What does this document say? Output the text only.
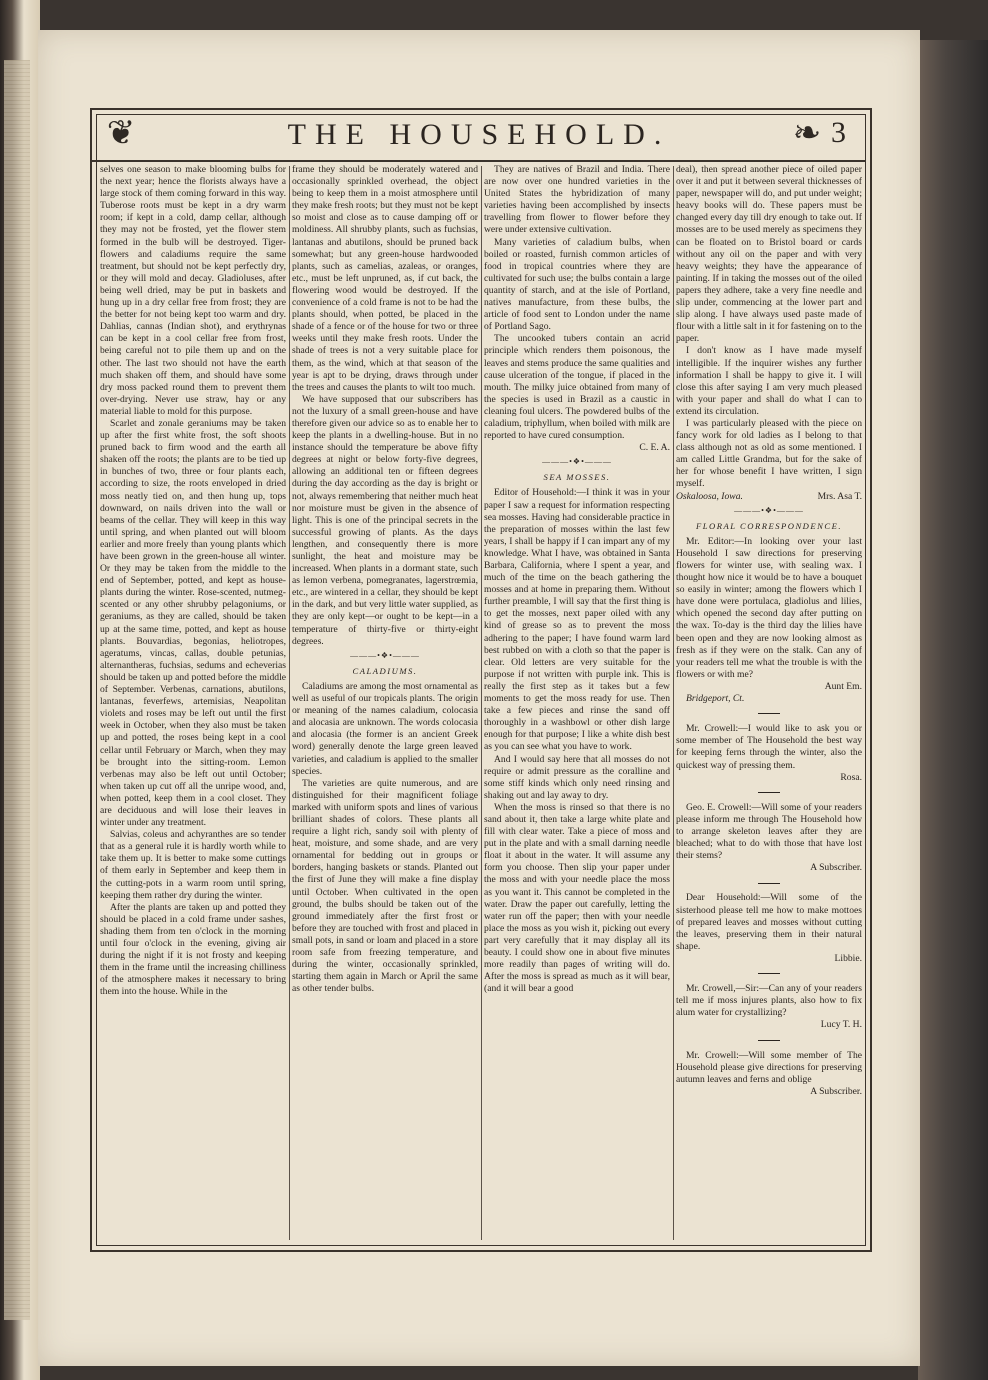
❦	THE HOUSEHOLD.	3
❧

selves one season to make blooming bulbs for the next year; hence the florists always have a large stock of them coming forward in this way. Tuberose roots must be kept in a dry warm room; if kept in a cold, damp cellar, although they may not be frosted, yet the flower stem formed in the bulb will be destroyed. Tiger-flowers and caladiums require the same treatment, but should not be kept perfectly dry, or they will mold and decay. Gladioluses, after being well dried, may be put in baskets and hung up in a dry cellar free from frost; they are the better for not being kept too warm and dry. Dahlias, cannas (Indian shot), and erythrynas can be kept in a cool cellar free from frost, being careful not to pile them up and on the other. The last two should not have the earth much shaken off them, and should have some dry moss packed round them to prevent them over-drying. Never use straw, hay or any material liable to mold for this purpose.

Scarlet and zonale geraniums may be taken up after the first white frost, the soft shoots pruned back to firm wood and the earth all shaken off the roots; the plants are to be tied up in bunches of two, three or four plants each, according to size, the roots enveloped in dried moss neatly tied on, and then hung up, tops downward, on nails driven into the wall or beams of the cellar. They will keep in this way until spring, and when planted out will bloom earlier and more freely than young plants which have been grown in the green-house all winter. Or they may be taken from the middle to the end of September, potted, and kept as house-plants during the winter. Rose-scented, nutmeg-scented or any other shrubby pelagoniums, or geraniums, as they are called, should be taken up at the same time, potted, and kept as house plants. Bouvardias, begonias, heliotropes, ageratums, vincas, callas, double petunias, alternantheras, fuchsias, sedums and echeverias should be taken up and potted before the middle of September. Verbenas, carnations, abutilons, lantanas, feverfews, artemisias, Neapolitan violets and roses may be left out until the first week in October, when they also must be taken up and potted, the roses being kept in a cool cellar until February or March, when they may be brought into the sitting-room. Lemon verbenas may also be left out until October; when taken up cut off all the unripe wood, and, when potted, keep them in a cool closet. They are deciduous and will lose their leaves in winter under any treatment.

Salvias, coleus and achyranthes are so tender that as a general rule it is hardly worth while to take them up. It is better to make some cuttings of them early in September and keep them in the cutting-pots in a warm room until spring, keeping them rather dry during the winter.

After the plants are taken up and potted they should be placed in a cold frame under sashes, shading them from ten o'clock in the morning until four o'clock in the evening, giving air during the night if it is not frosty and keeping them in the frame until the increasing chilliness of the atmosphere makes it necessary to bring them into the house. While in the

frame they should be moderately watered and occasionally sprinkled overhead, the object being to keep them in a moist atmosphere until they make fresh roots; but they must not be kept so moist and close as to cause damping off or moldiness. All shrubby plants, such as fuchsias, lantanas and abutilons, should be pruned back somewhat; but any green-house hardwooded plants, such as camelias, azaleas, or oranges, etc., must be left unpruned, as, if cut back, the flowering wood would be destroyed. If the convenience of a cold frame is not to be had the plants should, when potted, be placed in the shade of a fence or of the house for two or three weeks until they make fresh roots. Under the shade of trees is not a very suitable place for them, as the wind, which at that season of the year is apt to be drying, draws through under the trees and causes the plants to wilt too much.

We have supposed that our subscribers has not the luxury of a small green-house and have therefore given our advice so as to enable her to keep the plants in a dwelling-house. But in no instance should the temperature be above fifty degrees at night or below forty-five degrees, allowing an additional ten or fifteen degrees during the day according as the day is bright or not, always remembering that neither much heat nor moisture must be given in the absence of light. This is one of the principal secrets in the successful growing of plants. As the days lengthen, and consequently there is more sunlight, the heat and moisture may be increased. When plants in a dormant state, such as lemon verbena, pomegranates, lagerstrœmia, etc., are wintered in a cellar, they should be kept in the dark, and but very little water supplied, as they are only kept—or ought to be kept—in a temperature of thirty-five or thirty-eight degrees.

———•❖•———

CALADIUMS.

Caladiums are among the most ornamental as well as useful of our tropicals plants. The origin or meaning of the names caladium, colocasia and alocasia are unknown. The words colocasia and alocasia (the former is an ancient Greek word) generally denote the large green leaved varieties, and caladium is applied to the smaller species.

The varieties are quite numerous, and are distinguished for their magnificent foliage marked with uniform spots and lines of various brilliant shades of colors. These plants all require a light rich, sandy soil with plenty of heat, moisture, and some shade, and are very ornamental for bedding out in groups or borders, hanging baskets or stands. Planted out the first of June they will make a fine display until October. When cultivated in the open ground, the bulbs should be taken out of the ground immediately after the first frost or before they are touched with frost and placed in small pots, in sand or loam and placed in a store room safe from freezing temperature, and during the winter, occasionally sprinkled, starting them again in March or April the same as other tender bulbs.

They are natives of Brazil and India. There are now over one hundred varieties in the United States the hybridization of many varieties having been accomplished by insects travelling from flower to flower before they were under extensive cultivation.

Many varieties of caladium bulbs, when boiled or roasted, furnish common articles of food in tropical countries where they are cultivated for such use; the bulbs contain a large quantity of starch, and at the isle of Portland, natives manufacture, from these bulbs, the article of food sent to London under the name of Portland Sago.

The uncooked tubers contain an acrid principle which renders them poisonous, the leaves and stems produce the same qualities and cause ulceration of the tongue, if placed in the mouth. The milky juice obtained from many of the species is used in Brazil as a caustic in cleaning foul ulcers. The powdered bulbs of the caladium, triphyllum, when boiled with milk are reported to have cured consumption.

C. E. A.

———•❖•———

SEA MOSSES.

Editor of Household:—I think it was in your paper I saw a request for information respecting sea mosses. Having had considerable practice in the preparation of mosses within the last few years, I shall be happy if I can impart any of my knowledge. What I have, was obtained in Santa Barbara, California, where I spent a year, and much of the time on the beach gathering the mosses and at home in preparing them. Without further preamble, I will say that the first thing is to get the mosses, next paper oiled with any kind of grease so as to prevent the moss adhering to the paper; I have found warm lard best rubbed on with a cloth so that the paper is clear. Old letters are very suitable for the purpose if not written with purple ink. This is really the first step as it takes but a few moments to get the moss ready for use. Then take a few pieces and rinse the sand off thoroughly in a washbowl or other dish large enough for that purpose; I like a white dish best as you can see what you have to work.

And I would say here that all mosses do not require or admit pressure as the coralline and some stiff kinds which only need rinsing and shaking out and lay away to dry.

When the moss is rinsed so that there is no sand about it, then take a large white plate and fill with clear water. Take a piece of moss and put in the plate and with a small darning needle float it about in the water. It will assume any form you choose. Then slip your paper under the moss and with your needle place the moss as you want it. This cannot be completed in the water. Draw the paper out carefully, letting the water run off the paper; then with your needle place the moss as you wish it, picking out every part very carefully that it may display all its beauty. I could show one in about five minutes more readily than pages of writing will do. After the moss is spread as much as it will bear, (and it will bear a good

deal), then spread another piece of oiled paper over it and put it between several thicknesses of paper, newspaper will do, and put under weight; heavy books will do. These papers must be changed every day till dry enough to take out. If mosses are to be used merely as specimens they can be floated on to Bristol board or cards without any oil on the paper and with very heavy weights; they have the appearance of painting. If in taking the mosses out of the oiled papers they adhere, take a very fine needle and slip under, commencing at the lower part and slip along. I have always used paste made of flour with a little salt in it for fastening on to the paper.

I don't know as I have made myself intelligible. If the inquirer wishes any further information I shall be happy to give it. I will close this after saying I am very much pleased with your paper and shall do what I can to extend its circulation.

I was particularly pleased with the piece on fancy work for old ladies as I belong to that class although not as old as some mentioned. I am called Little Grandma, but for the sake of her for whose benefit I have written, I sign myself.

Oskaloosa, Iowa.	Mrs. Asa T.

———•❖•———

FLORAL CORRESPONDENCE.

Mr. Editor:—In looking over your last Household I saw directions for preserving flowers for winter use, with sealing wax. I thought how nice it would be to have a bouquet so easily in winter; among the flowers which I have done were portulaca, gladiolus and lilies, which opened the second day after putting on the wax. To-day is the third day the lilies have been open and they are now looking almost as fresh as if they were on the stalk. Can any of your readers tell me what the trouble is with the flowers or with me?

Aunt Em.

Bridgeport, Ct.

Mr. Crowell:—I would like to ask you or some member of The Household the best way for keeping ferns through the winter, also the quickest way of pressing them.

Rosa.

Geo. E. Crowell:—Will some of your readers please inform me through The Household how to arrange skeleton leaves after they are bleached; what to do with those that have lost their stems?

A Subscriber.

Dear Household:—Will some of the sisterhood please tell me how to make mottoes of prepared leaves and mosses without cutting the leaves, preserving them in their natural shape.

Libbie.

Mr. Crowell,—Sir:—Can any of your readers tell me if moss injures plants, also how to fix alum water for crystallizing?

Lucy T. H.

Mr. Crowell:—Will some member of The Household please give directions for preserving autumn leaves and ferns and oblige

A Subscriber.
